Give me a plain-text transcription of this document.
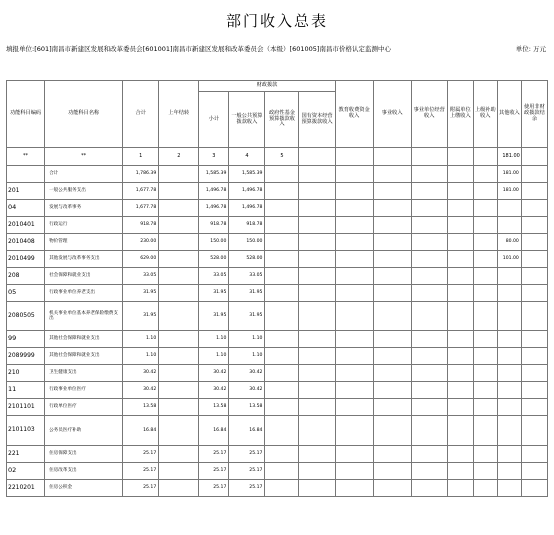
部门收入总表
填报单位:[601]南昌市新建区发展和改革委员会[601001]南昌市新建区发展和改革委员会（本级）[601005]南昌市价格认定监测中心	单位: 万元
功能科目编码	功能科目名称	合计	上年结转	财政拨款				教育收费资金收入	事业收入	事业单位经营收入	附属单位上缴收入	上级补助收入	其他收入	使用非财政拨款结余
				小计	一般公共预算拨款收入	政府性基金预算拨款收入	国有资本经营预算拨款收入							
**	**	1	2	3	4	5							181.00	
	合计	1,786.39		1,585.39	1,585.39								181.00	
201	一般公共服务支出	1,677.78		1,496.78	1,496.78								181.00	
04	发展与改革事务	1,677.78		1,496.78	1,496.78									
2010401	行政运行	918.78		918.78	918.78									
2010408	物价管理	230.00		150.00	150.00								80.00	
2010499	其他发展与改革事务支出	629.00		528.00	528.00								101.00	
208	社会保障和就业支出	33.05		33.05	33.05									
05	行政事业单位养老支出	31.95		31.95	31.95									
2080505	机关事业单位基本养老保险缴费支出	31.95		31.95	31.95									
99	其他社会保障和就业支出	1.10		1.10	1.10									
2089999	其他社会保障和就业支出	1.10		1.10	1.10									
210	卫生健康支出	30.42		30.42	30.42									
11	行政事业单位医疗	30.42		30.42	30.42									
2101101	行政单位医疗	13.58		13.58	13.58									
2101103	公务员医疗补助	16.84		16.84	16.84									
221	住房保障支出	25.17		25.17	25.17									
02	住房改革支出	25.17		25.17	25.17									
2210201	住房公积金	25.17		25.17	25.17									
